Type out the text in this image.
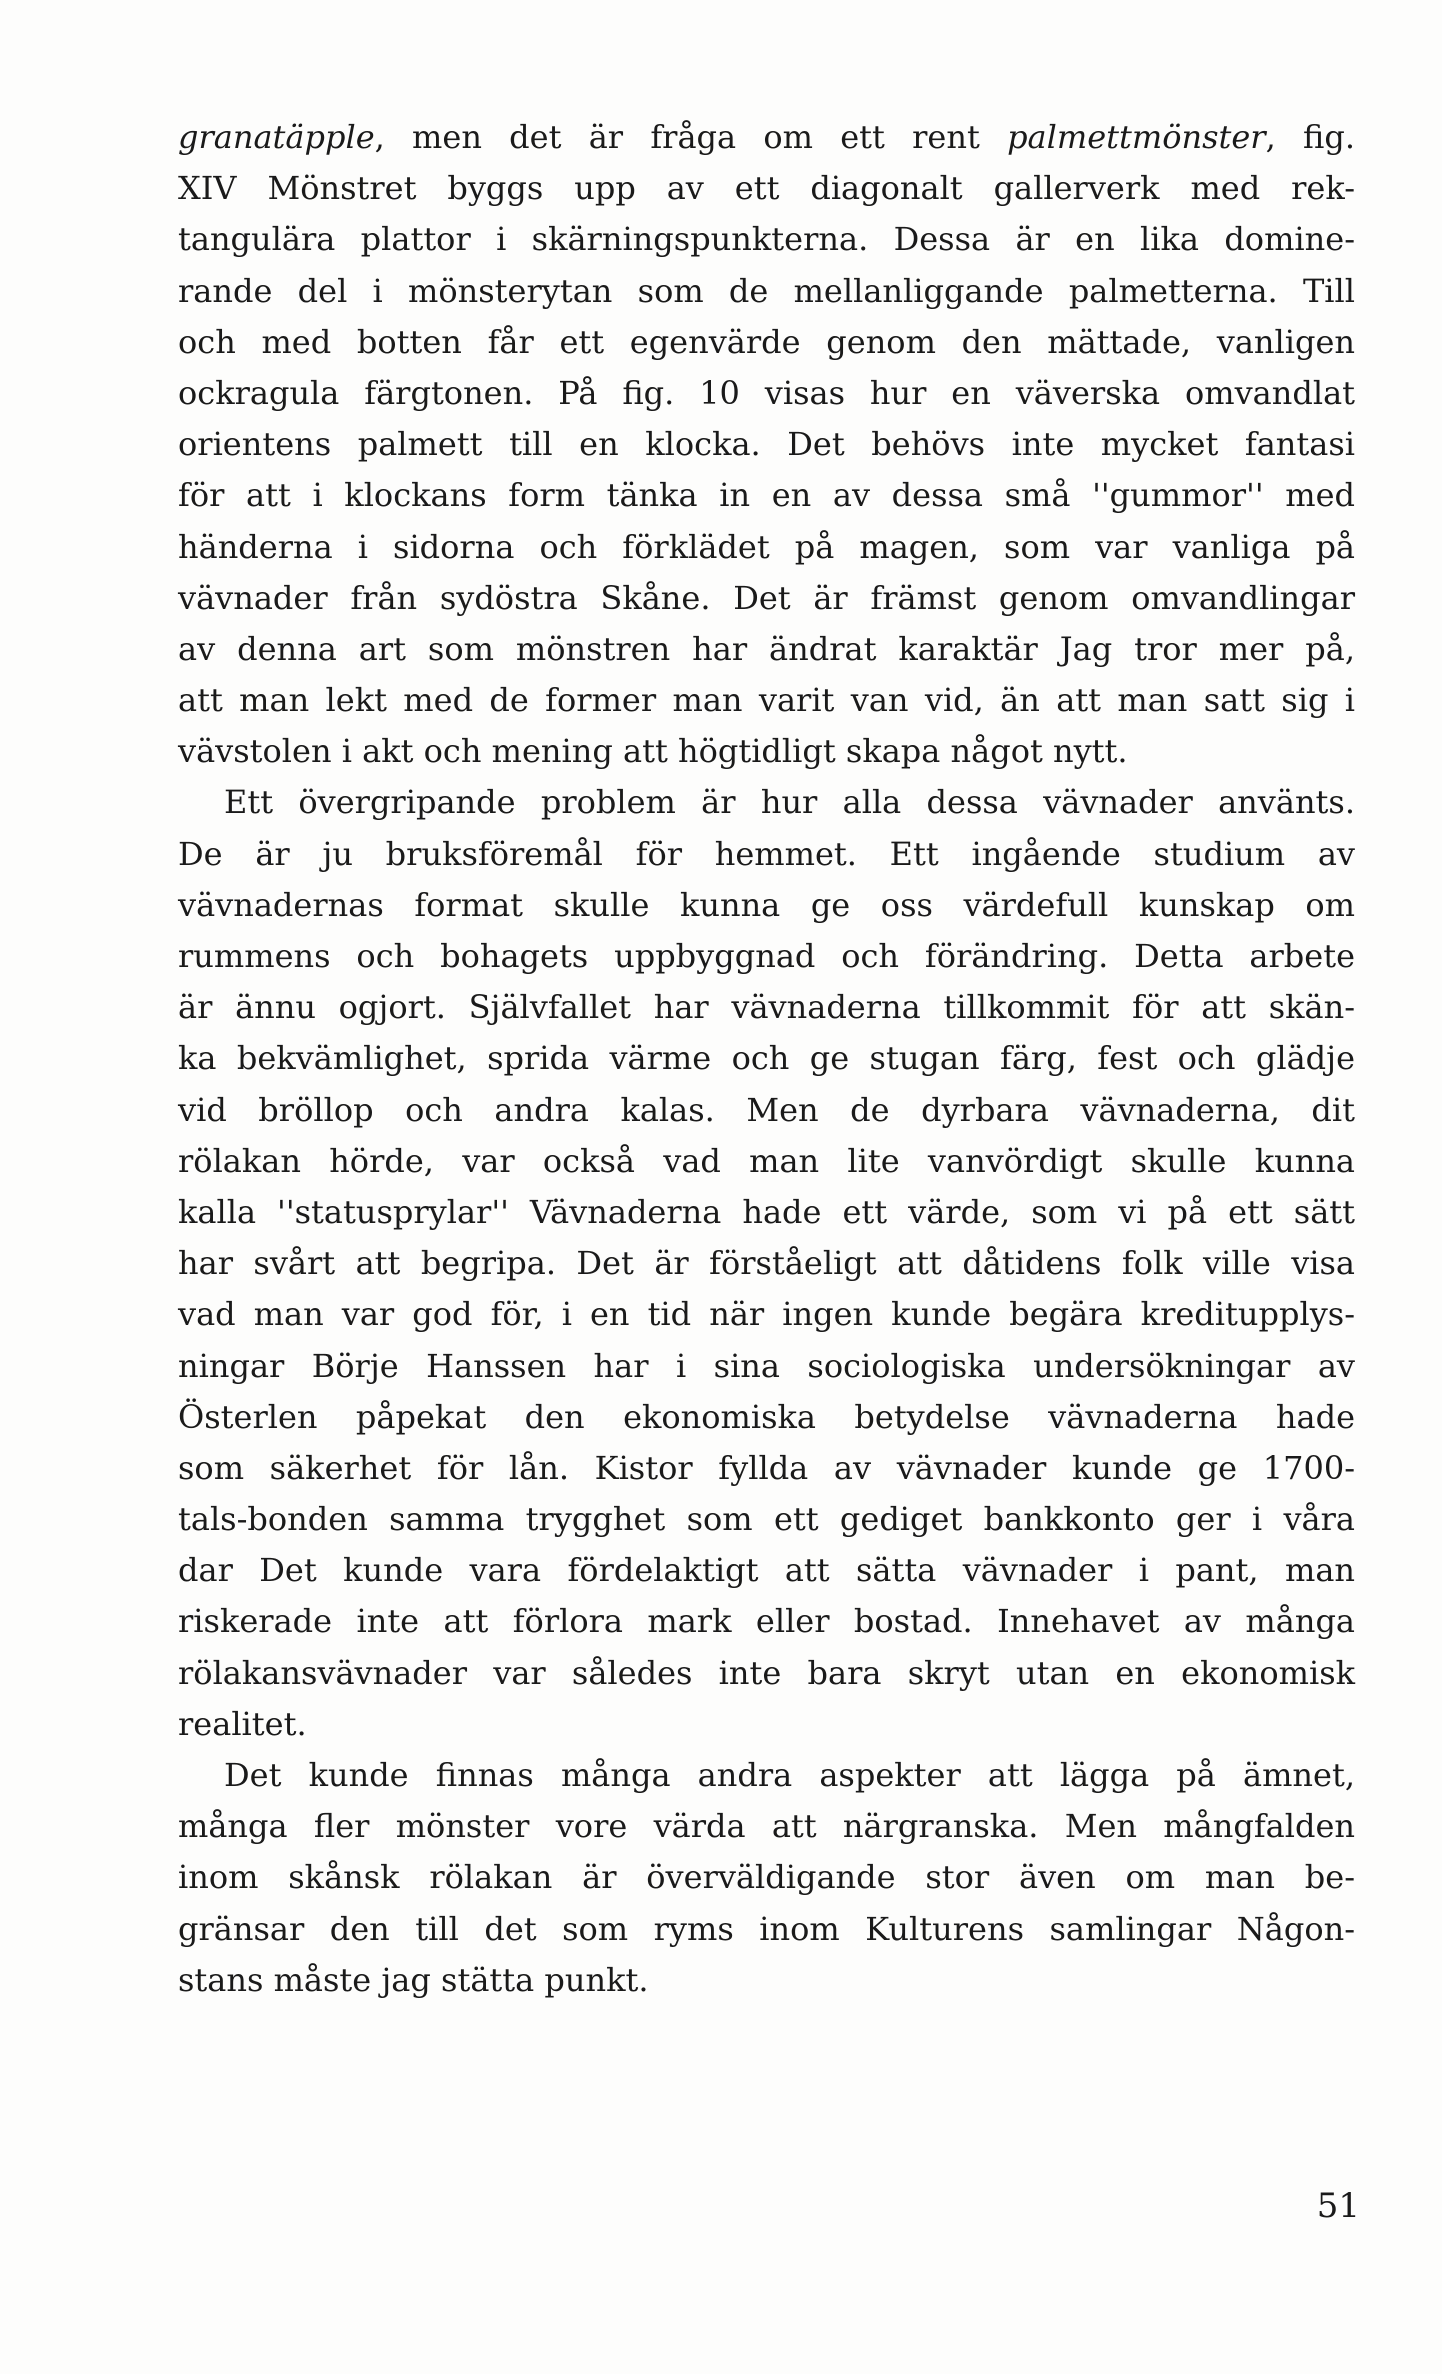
granatäpple, men det är fråga om ett rent palmettmönster, fig.
XIV Mönstret byggs upp av ett diagonalt gallerverk med rek-
tangulära plattor i skärningspunkterna. Dessa är en lika domine-
rande del i mönsterytan som de mellanliggande palmetterna. Till
och med botten får ett egenvärde genom den mättade, vanligen
ockragula färgtonen. På fig. 10 visas hur en väverska omvandlat
orientens palmett till en klocka. Det behövs inte mycket fantasi
för att i klockans form tänka in en av dessa små ''gummor'' med
händerna i sidorna och förklädet på magen, som var vanliga på
vävnader från sydöstra Skåne. Det är främst genom omvandlingar
av denna art som mönstren har ändrat karaktär Jag tror mer på,
att man lekt med de former man varit van vid, än att man satt sig i
vävstolen i akt och mening att högtidligt skapa något nytt.
Ett övergripande problem är hur alla dessa vävnader använts.
De är ju bruksföremål för hemmet. Ett ingående studium av
vävnadernas format skulle kunna ge oss värdefull kunskap om
rummens och bohagets uppbyggnad och förändring. Detta arbete
är ännu ogjort. Självfallet har vävnaderna tillkommit för att skän-
ka bekvämlighet, sprida värme och ge stugan färg, fest och glädje
vid bröllop och andra kalas. Men de dyrbara vävnaderna, dit
rölakan hörde, var också vad man lite vanvördigt skulle kunna
kalla ''statusprylar'' Vävnaderna hade ett värde, som vi på ett sätt
har svårt att begripa. Det är förståeligt att dåtidens folk ville visa
vad man var god för, i en tid när ingen kunde begära kreditupplys-
ningar Börje Hanssen har i sina sociologiska undersökningar av
Österlen påpekat den ekonomiska betydelse vävnaderna hade
som säkerhet för lån. Kistor fyllda av vävnader kunde ge 1700-
tals-bonden samma trygghet som ett gediget bankkonto ger i våra
dar Det kunde vara fördelaktigt att sätta vävnader i pant, man
riskerade inte att förlora mark eller bostad. Innehavet av många
rölakansvävnader var således inte bara skryt utan en ekonomisk
realitet.
Det kunde finnas många andra aspekter att lägga på ämnet,
många fler mönster vore värda att närgranska. Men mångfalden
inom skånsk rölakan är överväldigande stor även om man be-
gränsar den till det som ryms inom Kulturens samlingar Någon-
stans måste jag stätta punkt.
51
